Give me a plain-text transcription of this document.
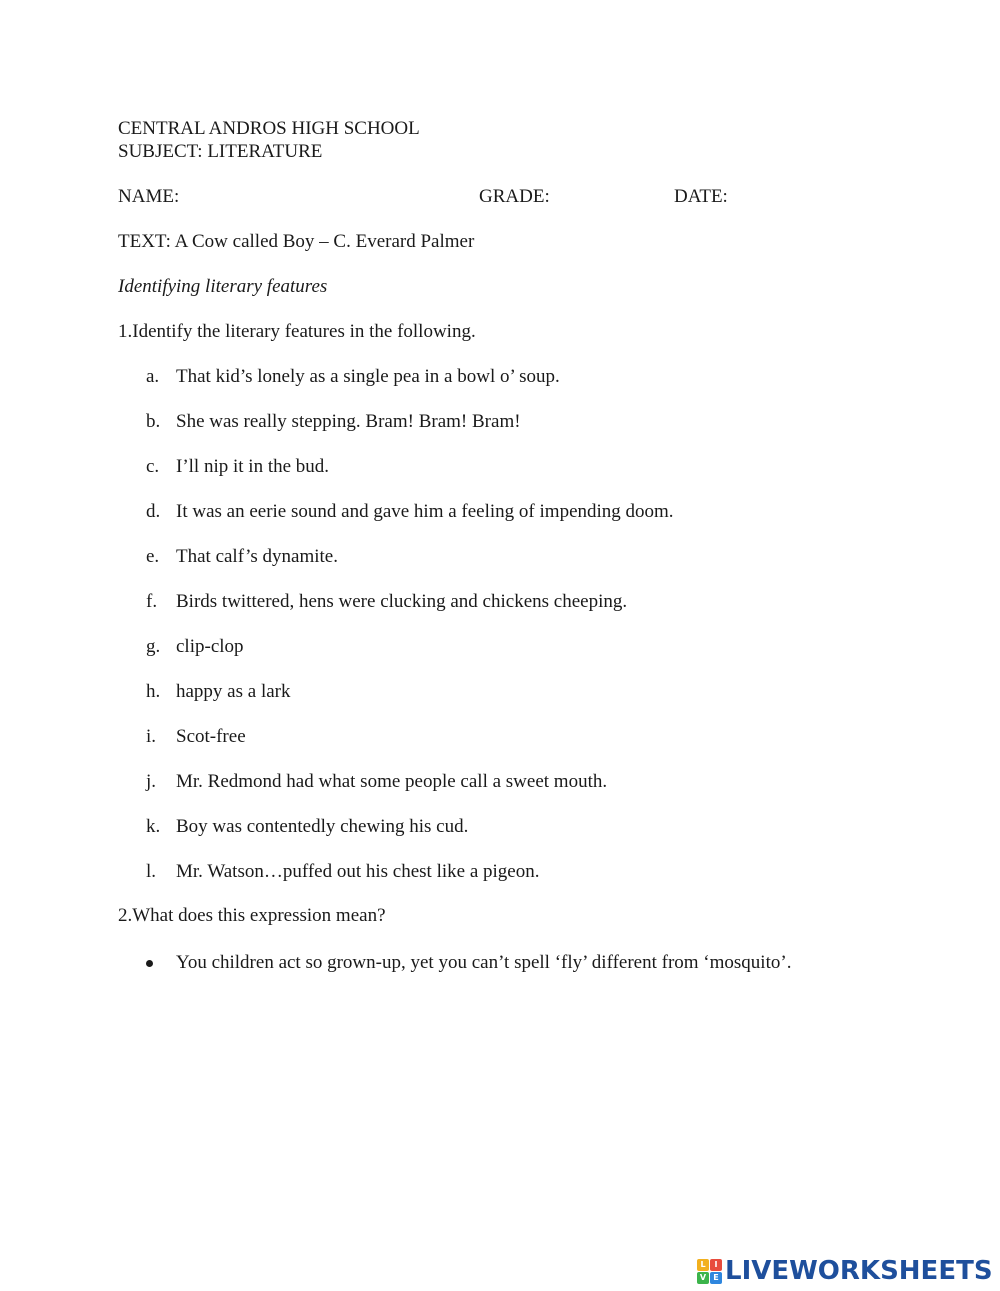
CENTRAL ANDROS HIGH SCHOOL
SUBJECT: LITERATURE
NAME:	GRADE:	DATE:
TEXT: A Cow called Boy – C. Everard Palmer
Identifying literary features
1.Identify the literary features in the following.
a. That kid’s lonely as a single pea in a bowl o’ soup.
b. She was really stepping. Bram! Bram! Bram!
c. I’ll nip it in the bud.
d. It was an eerie sound and gave him a feeling of impending doom.
e. That calf’s dynamite.
f. Birds twittered, hens were clucking and chickens cheeping.
g. clip-clop
h. happy as a lark
i.	Scot-free
j.	Mr. Redmond had what some people call a sweet mouth.
k. Boy was contentedly chewing his cud.
l.	Mr. Watson…puffed out his chest like a pigeon.
2.What does this expression mean?
You children act so grown-up, yet you can’t spell ‘fly’ different from ‘mosquito’.
L	I
V E LIVEWORKSHEETS
